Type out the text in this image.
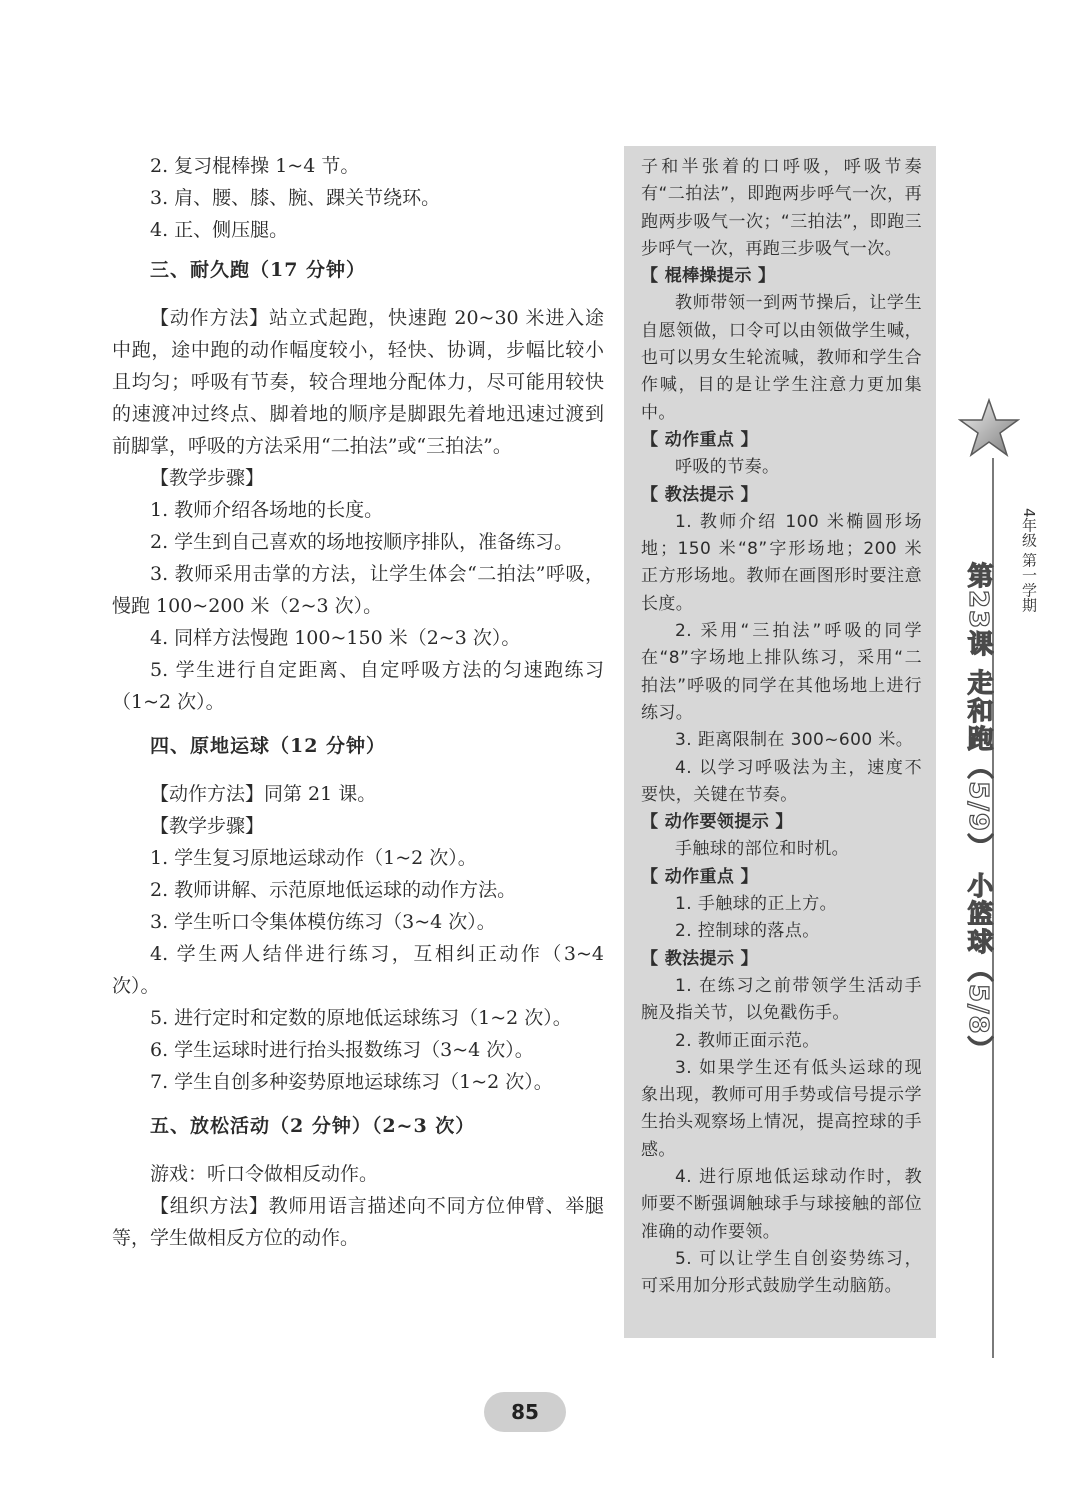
2. 复习棍棒操 1~4 节。

3. 肩、腰、膝、腕、踝关节绕环。

4. 正、侧压腿。

三、耐久跑（17 分钟）

【动作方法】站立式起跑，快速跑 20~30 米进入途中跑，途中跑的动作幅度较小，轻快、协调，步幅比较小且均匀；呼吸有节奏，较合理地分配体力，尽可能用较快的速渡冲过终点、脚着地的顺序是脚跟先着地迅速过渡到前脚掌，呼吸的方法采用“二拍法”或“三拍法”。

【教学步骤】

1. 教师介绍各场地的长度。

2. 学生到自己喜欢的场地按顺序排队，准备练习。

3. 教师采用击掌的方法，让学生体会“二拍法”呼吸，慢跑 100~200 米（2~3 次）。

4. 同样方法慢跑 100~150 米（2~3 次）。

5. 学生进行自定距离、自定呼吸方法的匀速跑练习（1~2 次）。

四、原地运球（12 分钟）

【动作方法】同第 21 课。

【教学步骤】

1. 学生复习原地运球动作（1~2 次）。

2. 教师讲解、示范原地低运球的动作方法。

3. 学生听口令集体模仿练习（3~4 次）。

4. 学生两人结伴进行练习，互相纠正动作（3~4 次）。

5. 进行定时和定数的原地低运球练习（1~2 次）。

6. 学生运球时进行抬头报数练习（3~4 次）。

7. 学生自创多种姿势原地运球练习（1~2 次）。

五、放松活动（2 分钟）（2~3 次）

游戏：听口令做相反动作。

【组织方法】教师用语言描述向不同方位伸臂、举腿等，学生做相反方位的动作。

子和半张着的口呼吸，呼吸节奏有“二拍法”，即跑两步呼气一次，再跑两步吸气一次；“三拍法”，即跑三步呼气一次，再跑三步吸气一次。

【 棍棒操提示 】

教师带领一到两节操后，让学生自愿领做，口令可以由领做学生喊，也可以男女生轮流喊，教师和学生合作喊，目的是让学生注意力更加集中。

【 动作重点 】

呼吸的节奏。

【 教法提示 】

1. 教师介绍 100 米椭圆形场地；150 米“8”字形场地；200 米正方形场地。教师在画图形时要注意长度。

2. 采用“三拍法”呼吸的同学在“8”字场地上排队练习，采用“二拍法”呼吸的同学在其他场地上进行练习。

3. 距离限制在 300~600 米。

4. 以学习呼吸法为主，速度不要快，关键在节奏。

【 动作要领提示 】

手触球的部位和时机。

【 动作重点 】

1. 手触球的正上方。

2. 控制球的落点。

【 教法提示 】

1. 在练习之前带领学生活动手腕及指关节，以免戳伤手。

2. 教师正面示范。

3. 如果学生还有低头运球的现象出现，教师可用手势或信号提示学生抬头观察场上情况，提高控球的手感。

4. 进行原地低运球动作时，教师要不断强调触球手与球接触的部位准确的动作要领。

5. 可以让学生自创姿势练习，可采用加分形式鼓励学生动脑筋。

4年级 第一学期
第23课 走和跑（5/9） 小篮球（5/8）
85
